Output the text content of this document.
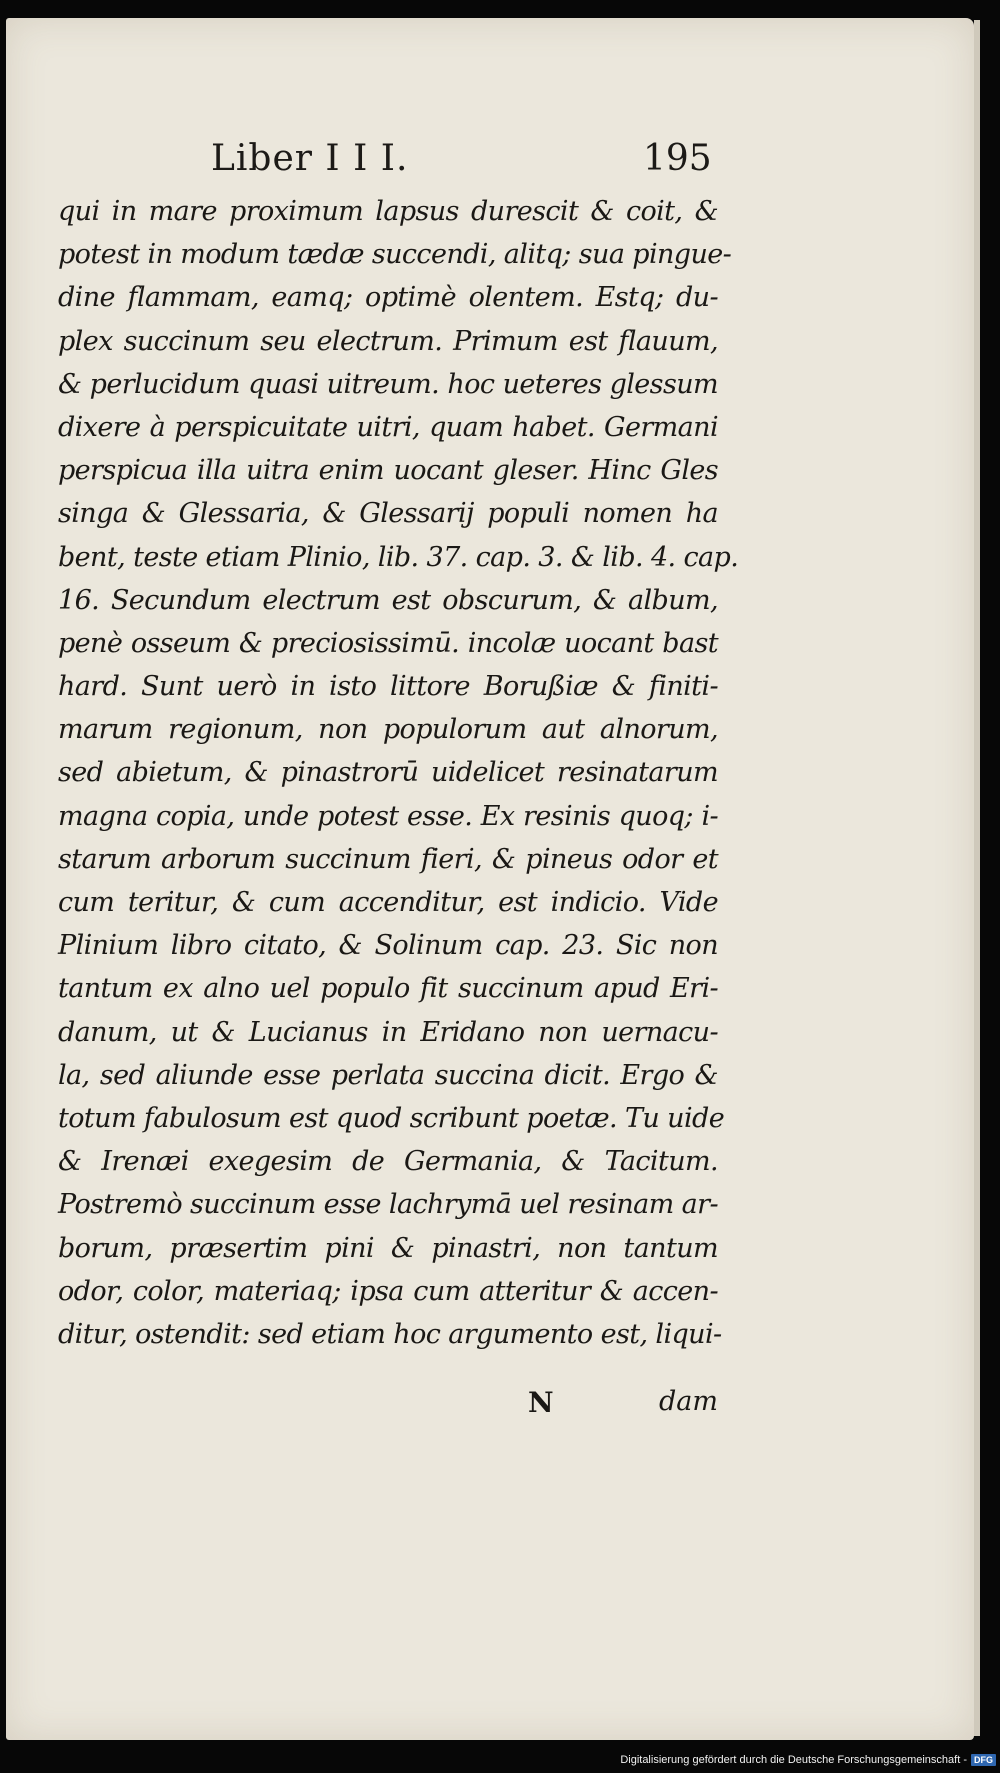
Liber I I I.	195
qui in mare proximum lapsus durescit & coit, &
potest in modum tædæ succendi, alitq; sua pingue-
dine flammam, eamq; optimè olentem. Estq; du-
plex succinum seu electrum. Primum est flauum,
& perlucidum quasi uitreum. hoc ueteres glessum
dixere à perspicuitate uitri, quam habet. Germani
perspicua illa uitra enim uocant gleser. Hinc Gles
singa & Glessaria, & Glessarij populi nomen ha
bent, teste etiam Plinio, lib. 37. cap. 3. & lib. 4. cap.
16. Secundum electrum est obscurum, & album,
penè osseum & preciosissimū. incolæ uocant bast
hard. Sunt uerò in isto littore Borußiæ & finiti-
marum regionum, non populorum aut alnorum,
sed abietum, & pinastrorū uidelicet resinatarum
magna copia, unde potest esse. Ex resinis quoq; i-
starum arborum succinum fieri, & pineus odor et
cum teritur, & cum accenditur, est indicio. Vide
Plinium libro citato, & Solinum cap. 23. Sic non
tantum ex alno uel populo fit succinum apud Eri-
danum, ut & Lucianus in Eridano non uernacu-
la, sed aliunde esse perlata succina dicit. Ergo &
totum fabulosum est quod scribunt poetæ. Tu uide
& Irenæi exegesim de Germania, & Tacitum.
Postremò succinum esse lachrymā uel resinam ar-
borum, præsertim pini & pinastri, non tantum
odor, color, materiaq; ipsa cum atteritur & accen-
ditur, ostendit: sed etiam hoc argumento est, liqui-
N	dam
Digitalisierung gefördert durch die Deutsche Forschungsgemeinschaft - DFG
